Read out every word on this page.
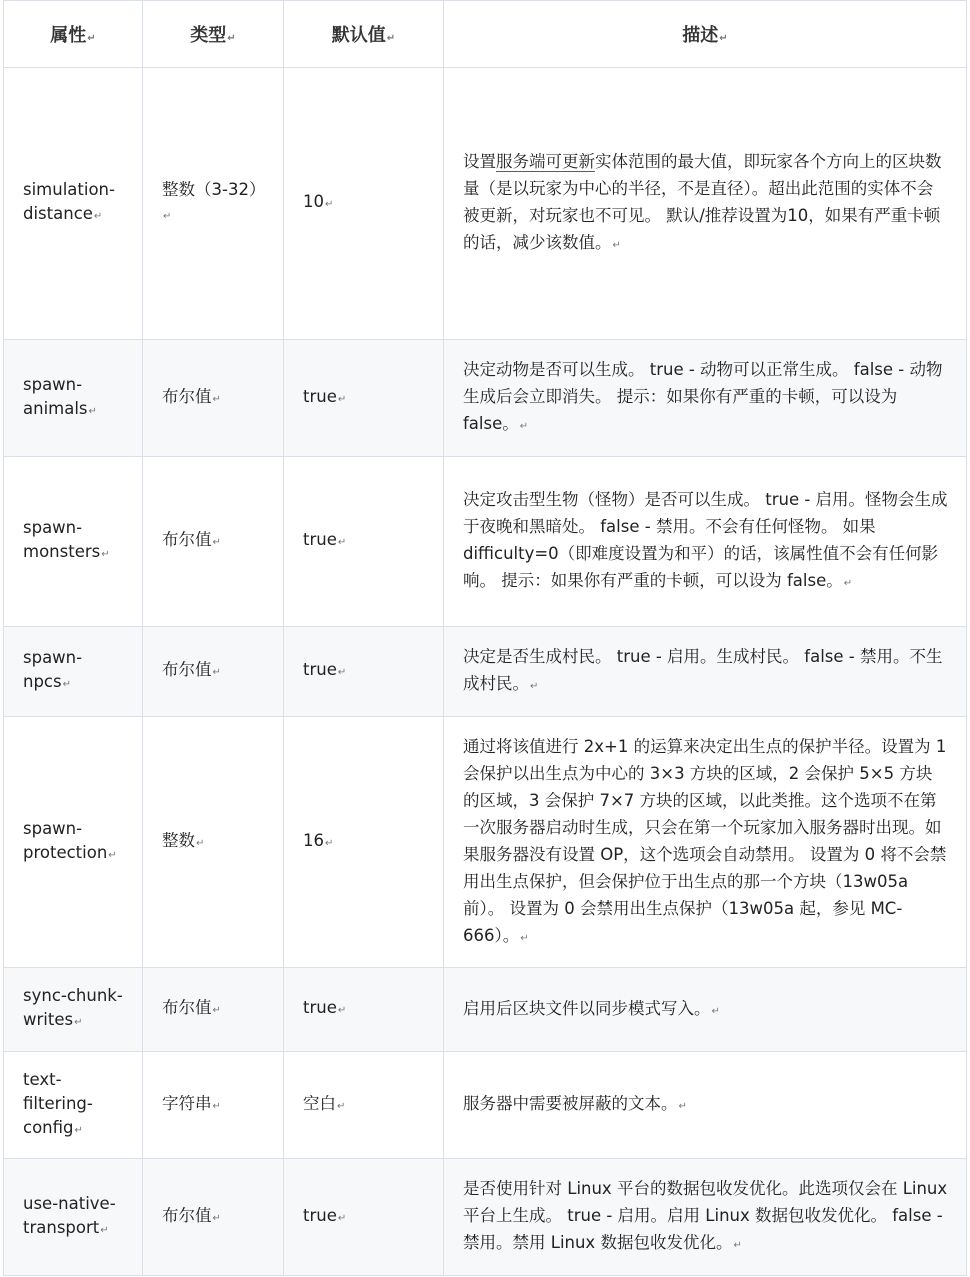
属性↵	类型↵	默认值↵	描述↵
simulation-distance↵	整数（3-32）↵	10↵	设置服务端可更新实体范围的最大值，即玩家各个方向上的区块数量（是以玩家为中心的半径，不是直径）。超出此范围的实体不会被更新，对玩家也不可见。 默认/推荐设置为10，如果有严重卡顿的话，减少该数值。↵
spawn-animals↵	布尔值↵	true↵	决定动物是否可以生成。 true - 动物可以正常生成。 false - 动物生成后会立即消失。 提示：如果你有严重的卡顿，可以设为 false。↵
spawn-monsters↵	布尔值↵	true↵	决定攻击型生物（怪物）是否可以生成。 true - 启用。怪物会生成于夜晚和黑暗处。 false - 禁用。不会有任何怪物。 如果 difficulty=0（即难度设置为和平）的话，该属性值不会有任何影响。 提示：如果你有严重的卡顿，可以设为 false。↵
spawn-npcs↵	布尔值↵	true↵	决定是否生成村民。 true - 启用。生成村民。 false - 禁用。不生成村民。↵
spawn-protection↵	整数↵	16↵	通过将该值进行 2x+1 的运算来决定出生点的保护半径。设置为 1 会保护以出生点为中心的 3×3 方块的区域，2 会保护 5×5 方块的区域，3 会保护 7×7 方块的区域，以此类推。这个选项不在第一次服务器启动时生成，只会在第一个玩家加入服务器时出现。如果服务器没有设置 OP，这个选项会自动禁用。 设置为 0 将不会禁用出生点保护，但会保护位于出生点的那一个方块（13w05a 前）。 设置为 0 会禁用出生点保护（13w05a 起，参见 MC-666）。↵
sync-chunk-writes↵	布尔值↵	true↵	启用后区块文件以同步模式写入。↵
text-filtering-config↵	字符串↵	空白↵	服务器中需要被屏蔽的文本。↵
use-native-transport↵	布尔值↵	true↵	是否使用针对 Linux 平台的数据包收发优化。此选项仅会在 Linux 平台上生成。 true - 启用。启用 Linux 数据包收发优化。 false - 禁用。禁用 Linux 数据包收发优化。↵
